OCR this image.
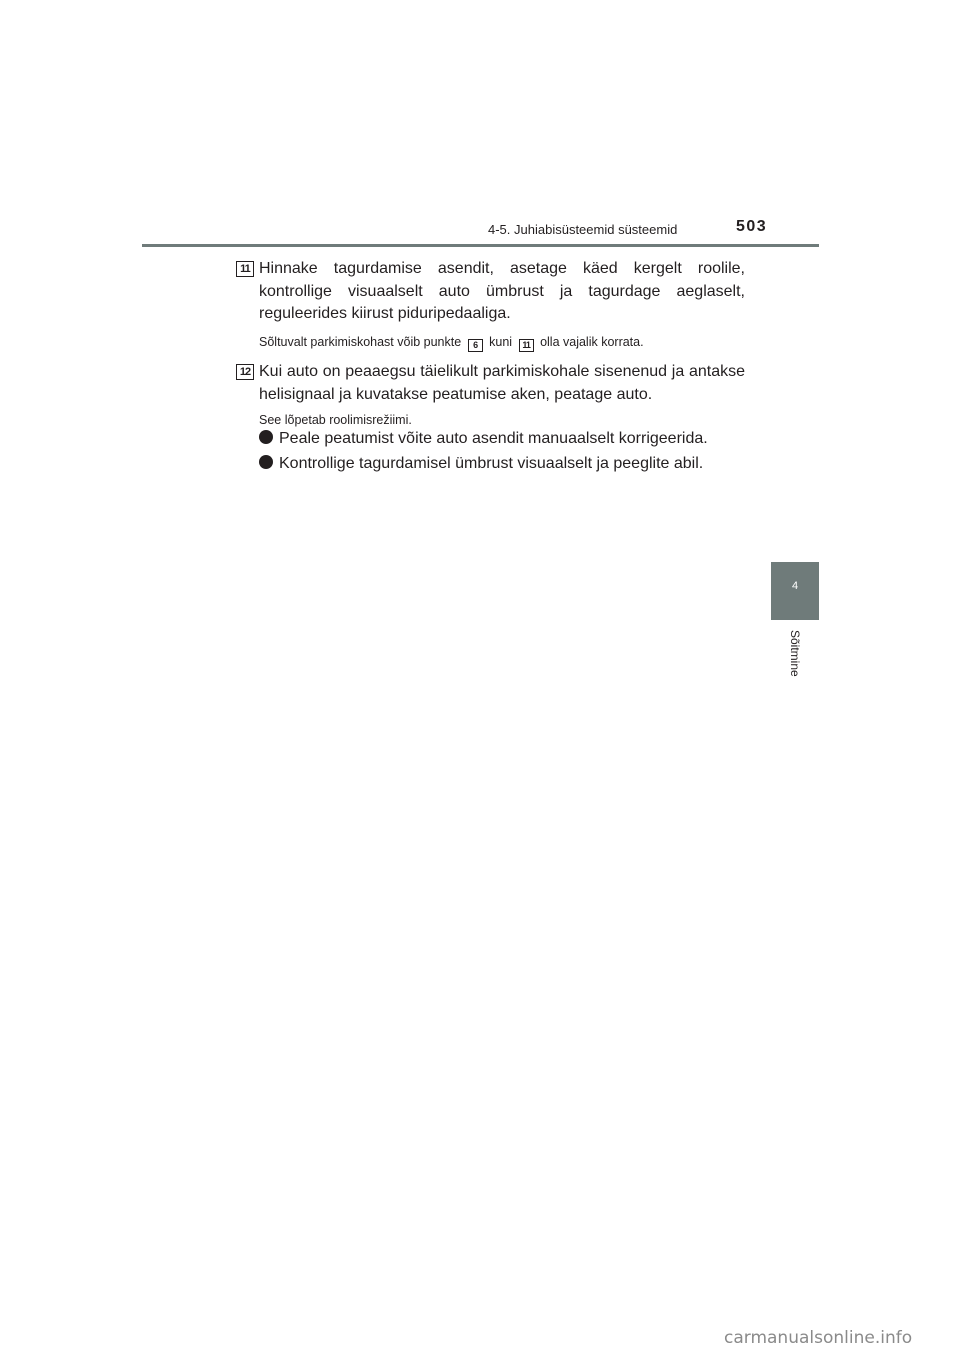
4-5. Juhiabisüsteemid süsteemid	503
4
Sõitmine
11 Hinnake tagurdamise asendit, asetage käed kergelt roolile, kontrollige visuaalselt auto ümbrust ja tagurdage aeglaselt, reguleerides kiirust piduripedaaliga.

Sõltuvalt parkimiskohast võib punkte 6 kuni 11 olla vajalik korrata.

12 Kui auto on peaaegsu täielikult parkimiskohale sisenenud ja antakse helisignaal ja kuvatakse peatumise aken, peatage auto.

See lõpetab roolimisrežiimi.

Peale peatumist võite auto asendit manuaalselt korrigeerida.
Kontrollige tagurdamisel ümbrust visuaalselt ja peeglite abil.
carmanualsonline.info
